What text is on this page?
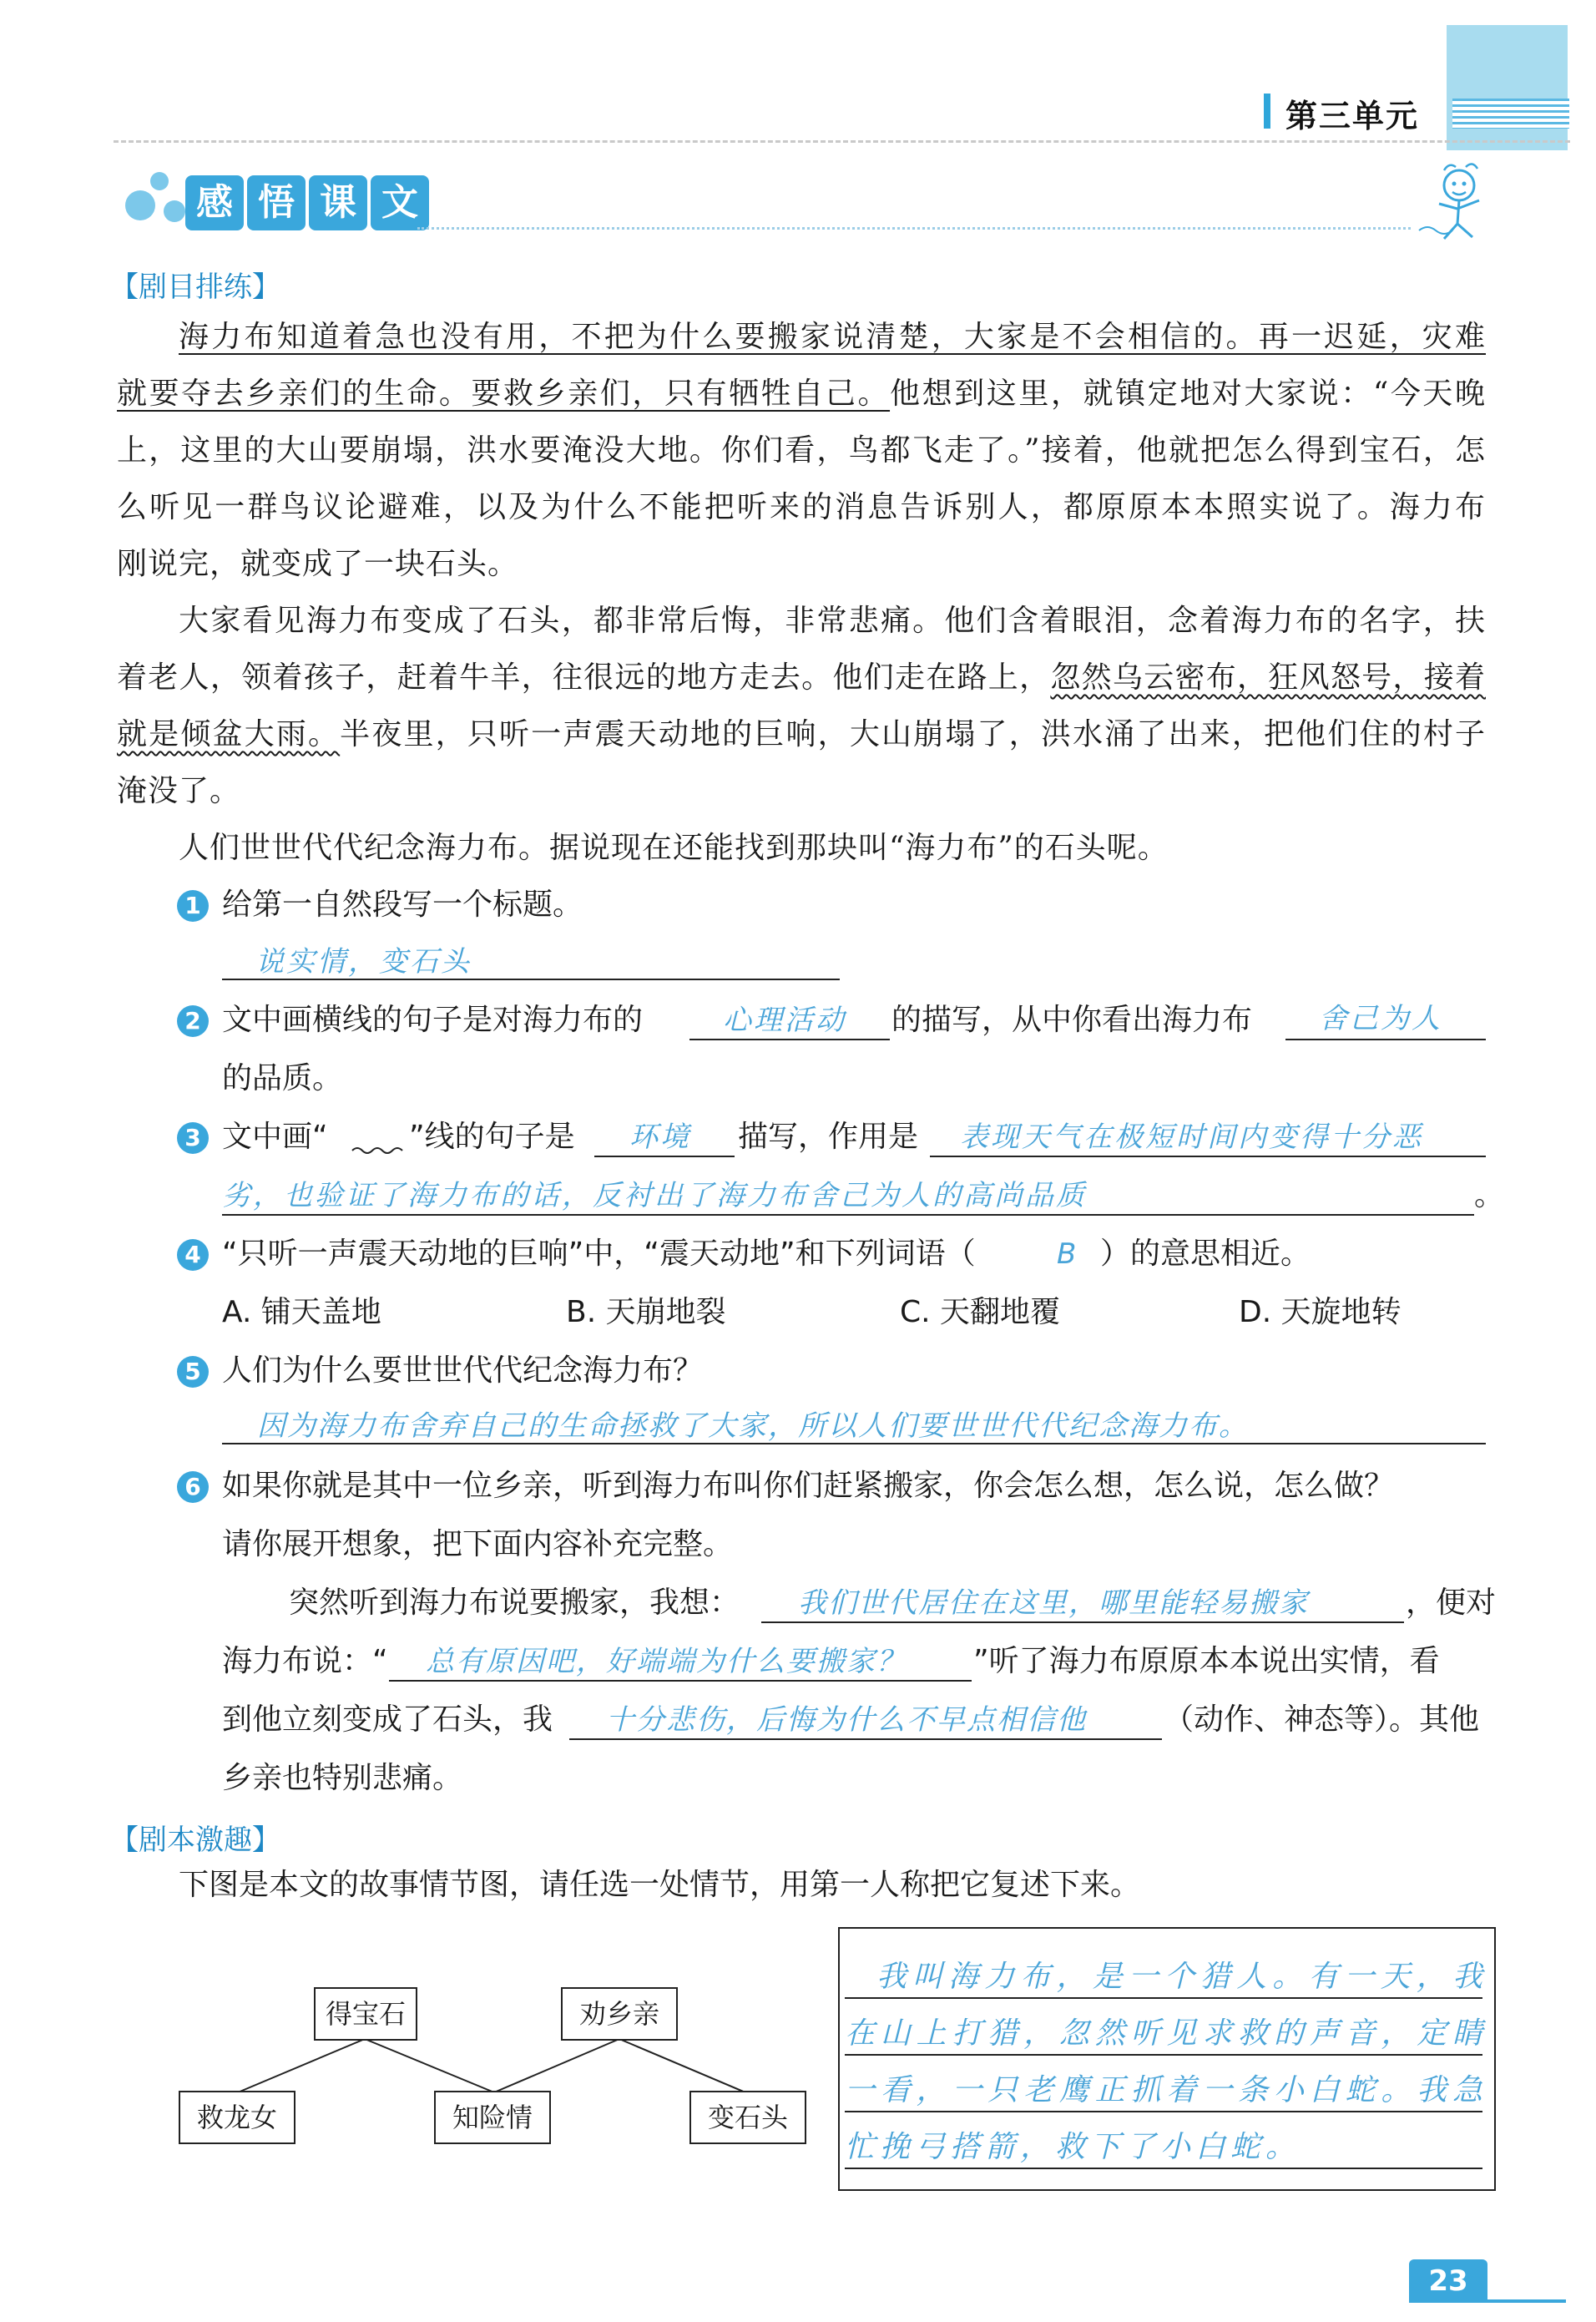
第三单元
感 悟 课 文
【剧目排练】
海力布知道着急也没有用，不把为什么要搬家说清楚，大家是不会相信的。再一迟延，灾难
就要夺去乡亲们的生命。要救乡亲们，只有牺牲自己。他想到这里，就镇定地对大家说：“今天晚
上，这里的大山要崩塌，洪水要淹没大地。你们看，鸟都飞走了。”接着，他就把怎么得到宝石，怎
么听见一群鸟议论避难，以及为什么不能把听来的消息告诉别人，都原原本本照实说了。海力布
刚说完，就变成了一块石头。
大家看见海力布变成了石头，都非常后悔，非常悲痛。他们含着眼泪，念着海力布的名字，扶
着老人，领着孩子，赶着牛羊，往很远的地方走去。他们走在路上，忽然乌云密布，狂风怒号，接着
就是倾盆大雨。半夜里，只听一声震天动地的巨响，大山崩塌了，洪水涌了出来，把他们住的村子
淹没了。
人们世世代代纪念海力布。据说现在还能找到那块叫“海力布”的石头呢。
1 给第一自然段写一个标题。
说实情，变石头
2 文中画横线的句子是对海力布的	心理活动 的描写，从中你看出海力布 舍己为人
的品质。
3 文中画“	”线的句子是 环境 描写，作用是 表现天气在极短时间内变得十分恶
劣，也验证了海力布的话，反衬出了海力布舍己为人的高尚品质	。
4 “只听一声震天动地的巨响”中，“震天动地”和下列词语（	B ）的意思相近。
A. 铺天盖地	B. 天崩地裂	C. 天翻地覆	D. 天旋地转
5 人们为什么要世世代代纪念海力布？
因为海力布舍弃自己的生命拯救了大家，所以人们要世世代代纪念海力布。
6 如果你就是其中一位乡亲，听到海力布叫你们赶紧搬家，你会怎么想，怎么说，怎么做？
请你展开想象，把下面内容补充完整。
突然听到海力布说要搬家，我想： 我们世代居住在这里，哪里能轻易搬家	，便对
海力布说：“ 总有原因吧，好端端为什么要搬家？ ”听了海力布原原本本说出实情，看
到他立刻变成了石头，我 十分悲伤，后悔为什么不早点相信他	（动作、神态等）。其他
乡亲也特别悲痛。
【剧本激趣】
下图是本文的故事情节图，请任选一处情节，用第一人称把它复述下来。
得宝石	劝乡亲
救龙女	知险情	变石头
我叫海力布，是一个猎人。有一天，我
在山上打猎，忽然听见求救的声音，定睛
一看，一只老鹰正抓着一条小白蛇。我急
忙挽弓搭箭，救下了小白蛇。
23
